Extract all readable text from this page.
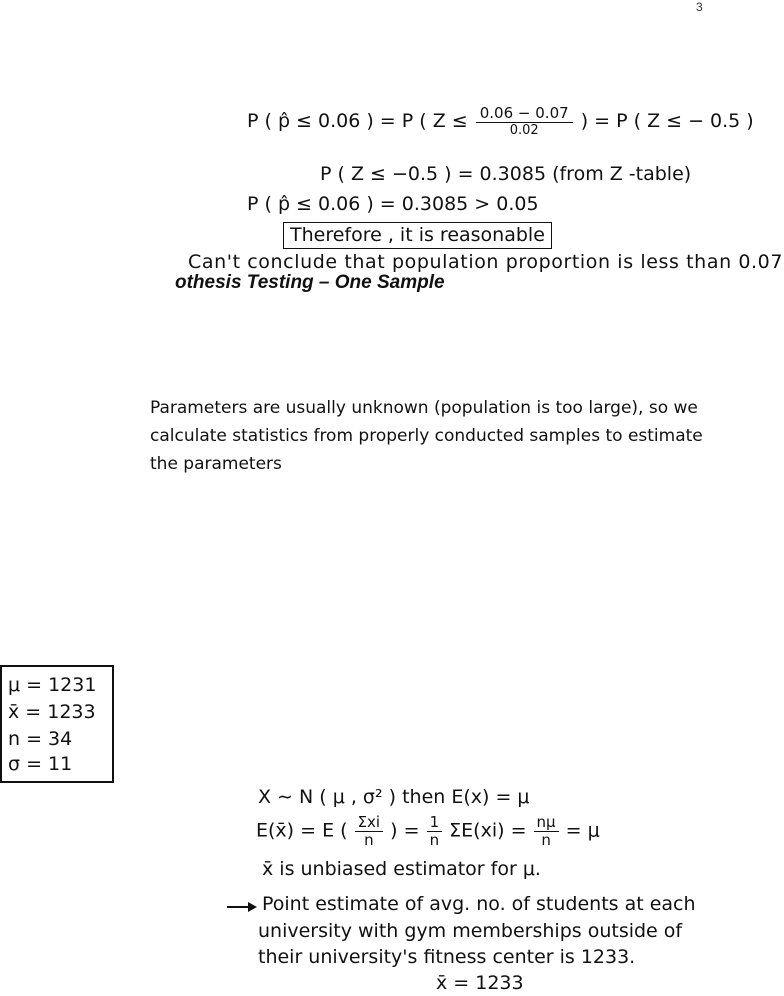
3
P ( p̂ ≤ 0.06 ) = P ( $Z \le \frac{0.06 - 0.07}{0.02}$ ) = P ( Z ≤ − 0.5 )
P ( Z ≤ −0.5 ) = 0.3085 (from Z -table)
P ( p̂ ≤ 0.06 ) = 0.3085 > 0.05
Therefore , it is reasonable
Can't conclude that population proportion is less than 0.07
othesis Testing – One Sample
Parameters are usually unknown (population is too large), so we
calculate statistics from properly conducted samples to estimate
the parameters
μ = 1231
x̄ = 1233
n = 34
σ = 11
X ∼ N ( μ , σ² ) then E(x) = μ
E(x̄) = E ( $\frac{\text{Σxi}}{n}$ ) = $\frac{1}{n} \Sigma E(xi) = \frac{n\mu}{n} = \mu$
x̄ is unbiased estimator for μ.
Point estimate of avg. no. of students at each
university with gym memberships outside of
their university's fitness center is 1233.
x̄ = 1233
